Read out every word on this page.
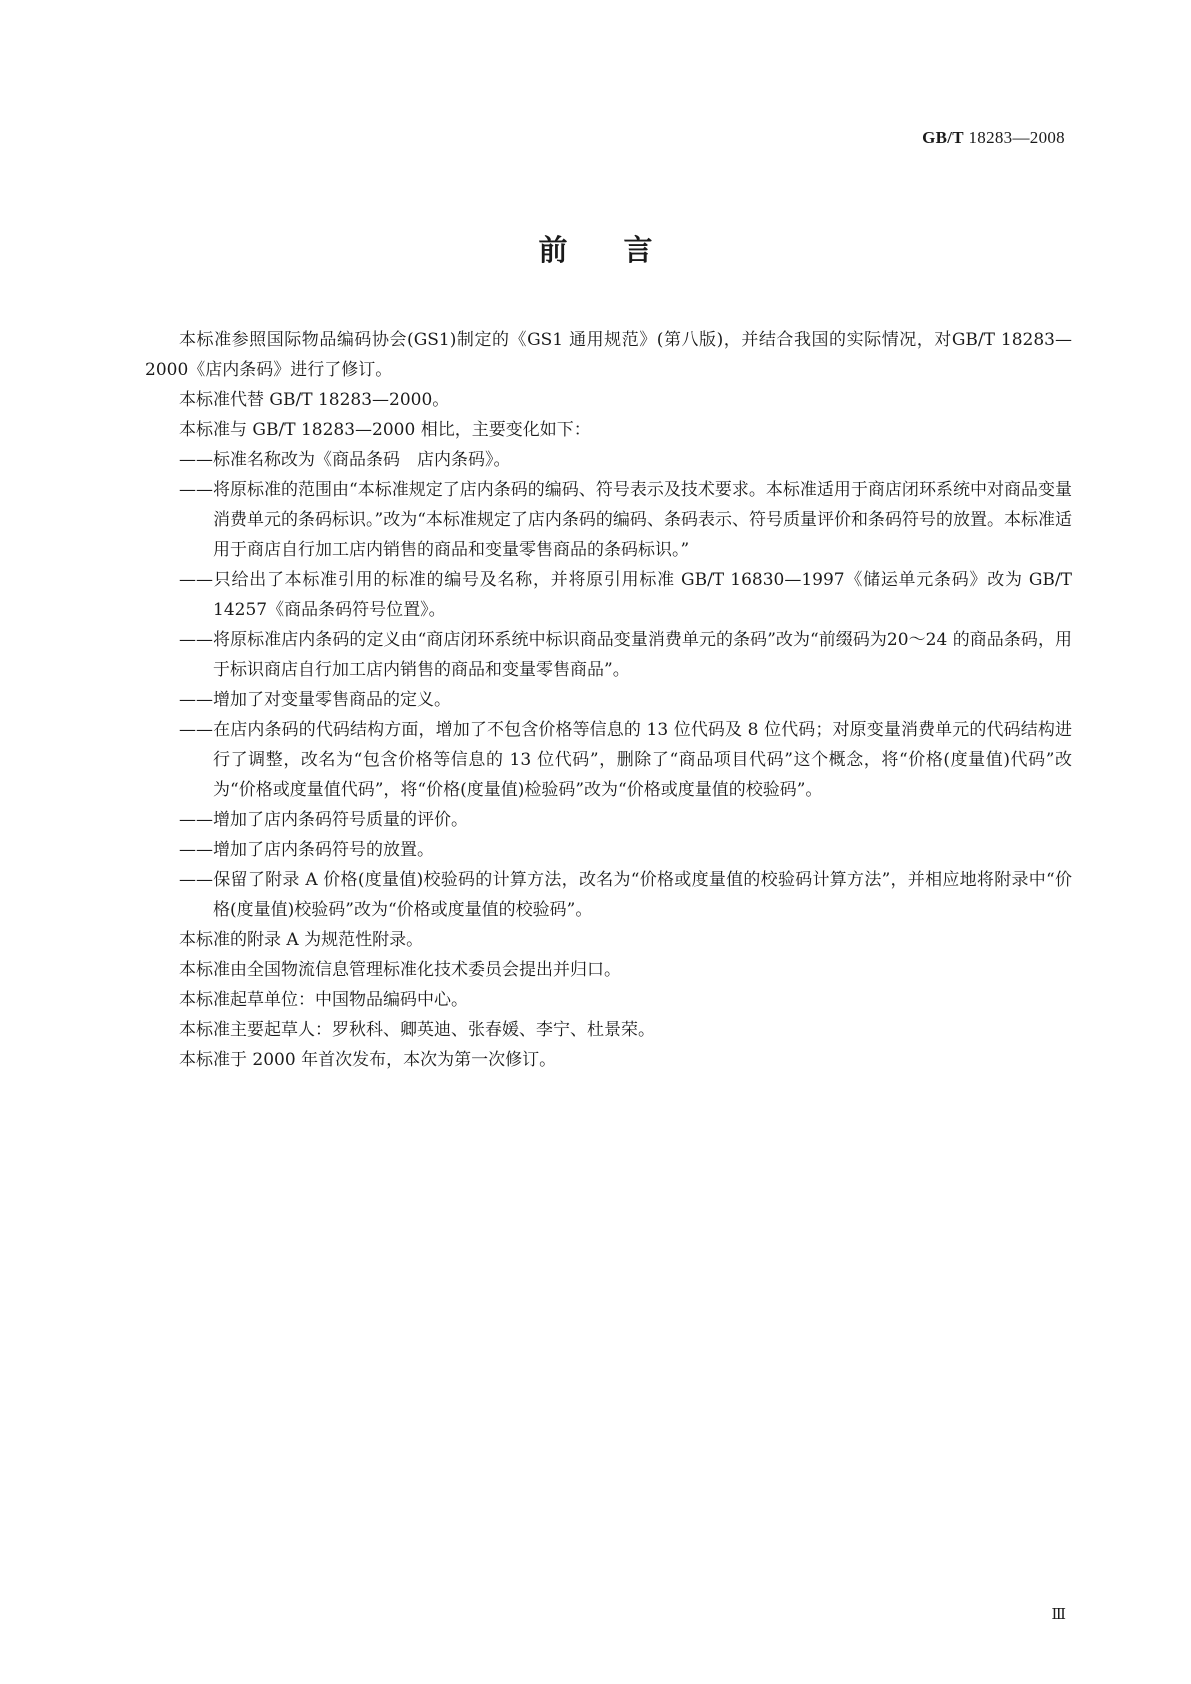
GB/T 18283—2008
前言

本标准参照国际物品编码协会(GS1)制定的《GS1 通用规范》(第八版)，并结合我国的实际情况，对GB/T 18283—2000《店内条码》进行了修订。

本标准代替 GB/T 18283—2000。

本标准与 GB/T 18283—2000 相比，主要变化如下：

——标准名称改为《商品条码　店内条码》。

——将原标准的范围由“本标准规定了店内条码的编码、符号表示及技术要求。本标准适用于商店闭环系统中对商品变量消费单元的条码标识。”改为“本标准规定了店内条码的编码、条码表示、符号质量评价和条码符号的放置。本标准适用于商店自行加工店内销售的商品和变量零售商品的条码标识。”

——只给出了本标准引用的标准的编号及名称，并将原引用标准 GB/T 16830—1997《储运单元条码》改为 GB/T 14257《商品条码符号位置》。

——将原标准店内条码的定义由“商店闭环系统中标识商品变量消费单元的条码”改为“前缀码为20～24 的商品条码，用于标识商店自行加工店内销售的商品和变量零售商品”。

——增加了对变量零售商品的定义。

——在店内条码的代码结构方面，增加了不包含价格等信息的 13 位代码及 8 位代码；对原变量消费单元的代码结构进行了调整，改名为“包含价格等信息的 13 位代码”，删除了“商品项目代码”这个概念，将“价格(度量值)代码”改为“价格或度量值代码”，将“价格(度量值)检验码”改为“价格或度量值的校验码”。

——增加了店内条码符号质量的评价。

——增加了店内条码符号的放置。

——保留了附录 A 价格(度量值)校验码的计算方法，改名为“价格或度量值的校验码计算方法”，并相应地将附录中“价格(度量值)校验码”改为“价格或度量值的校验码”。

本标准的附录 A 为规范性附录。

本标准由全国物流信息管理标准化技术委员会提出并归口。

本标准起草单位：中国物品编码中心。

本标准主要起草人：罗秋科、卿英迪、张春媛、李宁、杜景荣。

本标准于 2000 年首次发布，本次为第一次修订。

Ⅲ
